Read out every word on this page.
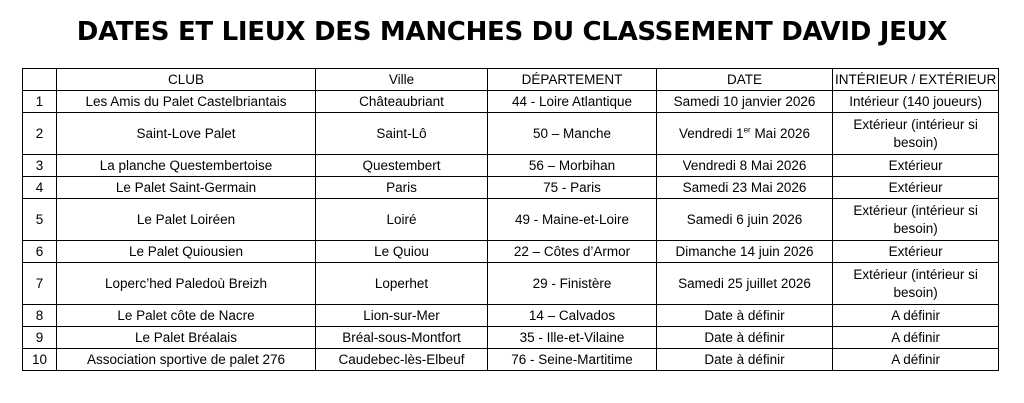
DATES ET LIEUX DES MANCHES DU CLASSEMENT DAVID JEUX
	CLUB	Ville	DÉPARTEMENT	DATE	INTÉRIEUR / EXTÉRIEUR
1	Les Amis du Palet Castelbriantais	Châteaubriant	44 - Loire Atlantique	Samedi 10 janvier 2026	Intérieur (140 joueurs)
2	Saint-Love Palet	Saint-Lô	50 – Manche	Vendredi 1er Mai 2026	Extérieur (intérieur si besoin)
3	La planche Questembertoise	Questembert	56 – Morbihan	Vendredi 8 Mai 2026	Extérieur
4	Le Palet Saint-Germain	Paris	75 - Paris	Samedi 23 Mai 2026	Extérieur
5	Le Palet Loiréen	Loiré	49 - Maine-et-Loire	Samedi 6 juin 2026	Extérieur (intérieur si besoin)
6	Le Palet Quiousien	Le Quiou	22 – Côtes d’Armor	Dimanche 14 juin 2026	Extérieur
7	Loperc’hed Paledoù Breizh	Loperhet	29 - Finistère	Samedi 25 juillet 2026	Extérieur (intérieur si besoin)
8	Le Palet côte de Nacre	Lion-sur-Mer	14 – Calvados	Date à définir	A définir
9	Le Palet Bréalais	Bréal-sous-Montfort	35 - Ille-et-Vilaine	Date à définir	A définir
10	Association sportive de palet 276	Caudebec-lès-Elbeuf	76 - Seine-Martitime	Date à définir	A définir
